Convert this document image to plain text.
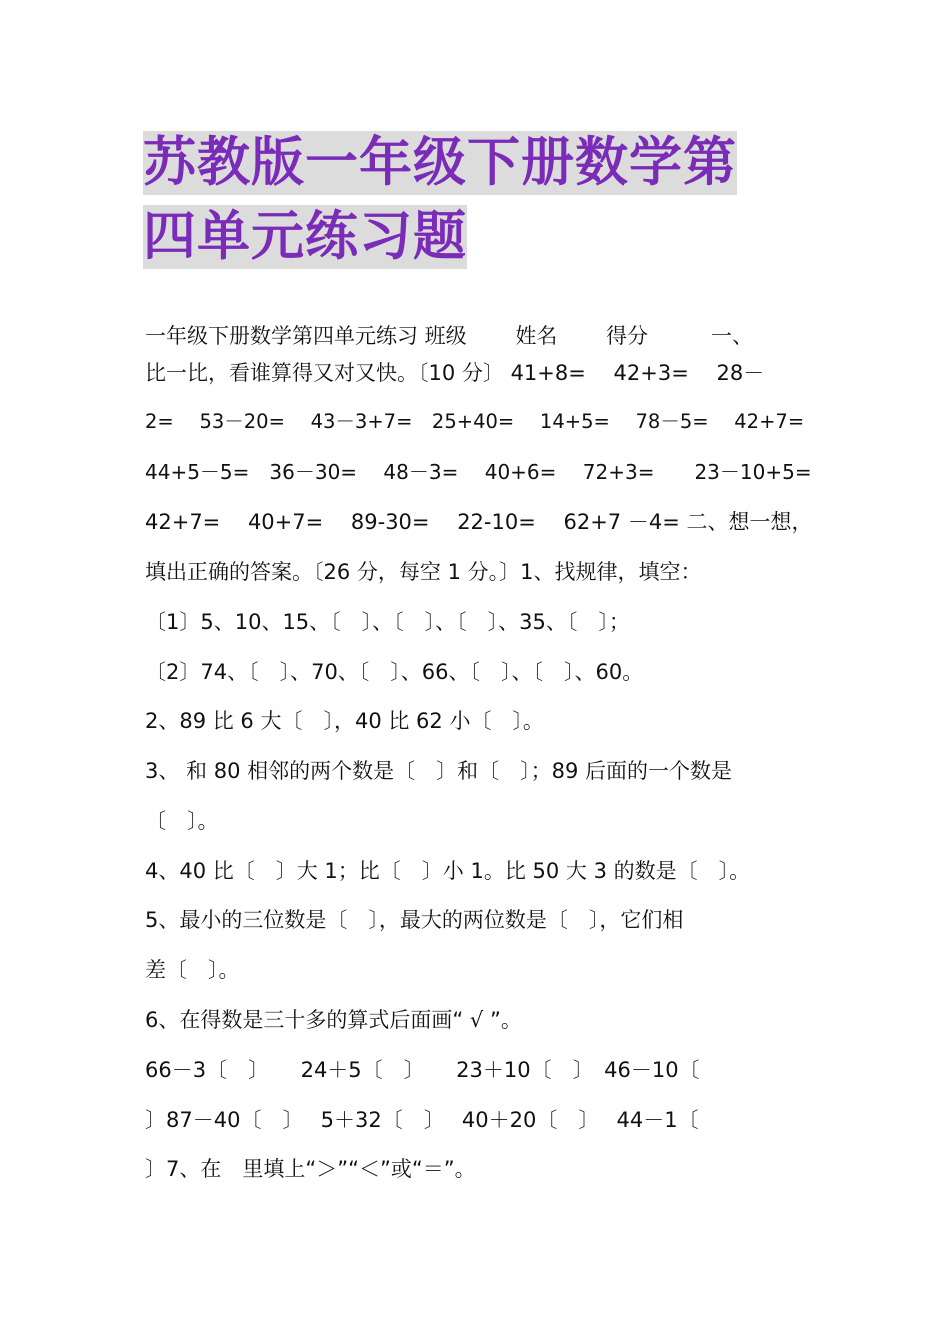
苏教版一年级下册数学第
四单元练习题
一年级下册数学第四单元练习 班级　　 姓名　　 得分　　　一、
比一比，看谁算得又对又快。〔10 分〕 41+8=　 42+3=　 28－
2=　 53－20=　 43－3+7=　25+40=　 14+5=　 78－5=　 42+7=
44+5－5=　36－30=　 48－3=　 40+6=　 72+3=　　23－10+5=
42+7=　 40+7=　 89-30=　 22-10=　 62+7 －4= 二、想一想，
填出正确的答案。〔26 分，每空 1 分。〕1、找规律，填空：
〔1〕5、10、15、〔　〕、〔　〕、〔　〕、35、〔　〕；
〔2〕74、〔　〕、70、〔　〕、66、〔　〕、〔　〕、60。
2、89 比 6 大〔　〕，40 比 62 小〔　〕。
3、 和 80 相邻的两个数是〔　〕和〔　〕；89 后面的一个数是
〔　〕。
4、40 比〔　〕大 1；比〔　〕小 1。比 50 大 3 的数是〔　〕。
5、最小的三位数是〔　〕，最大的两位数是〔　〕，它们相
差〔　〕。
6、在得数是三十多的算式后面画“ √ ”。
66－3〔　〕　　24＋5〔　〕　　23＋10〔　〕　46－10〔
〕87－40〔　〕　 5＋32〔　〕　 40＋20〔　〕　 44－1〔
〕7、在　里填上“＞”“＜”或“＝”。
